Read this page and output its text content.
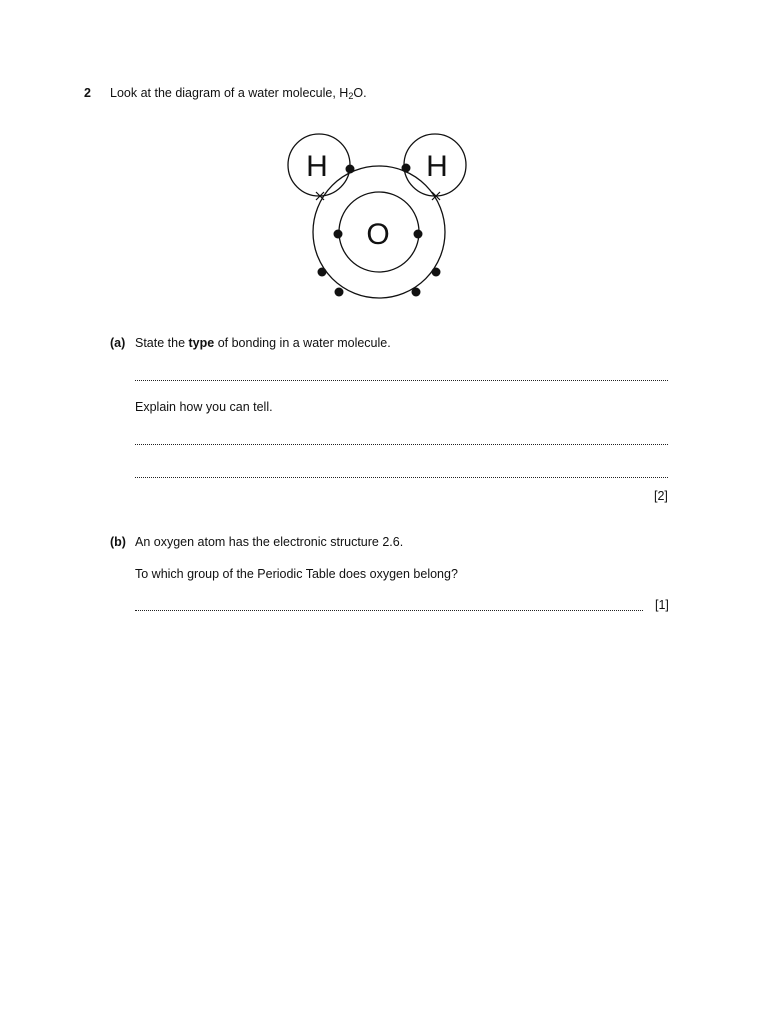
2 Look at the diagram of a water molecule, $H_2O$.
H
O
H
(a) State the type of bonding in a water molecule.
Explain how you can tell.
[2]
(b) An oxygen atom has the electronic structure 2.6.
To which group of the Periodic Table does oxygen belong?
[1]
